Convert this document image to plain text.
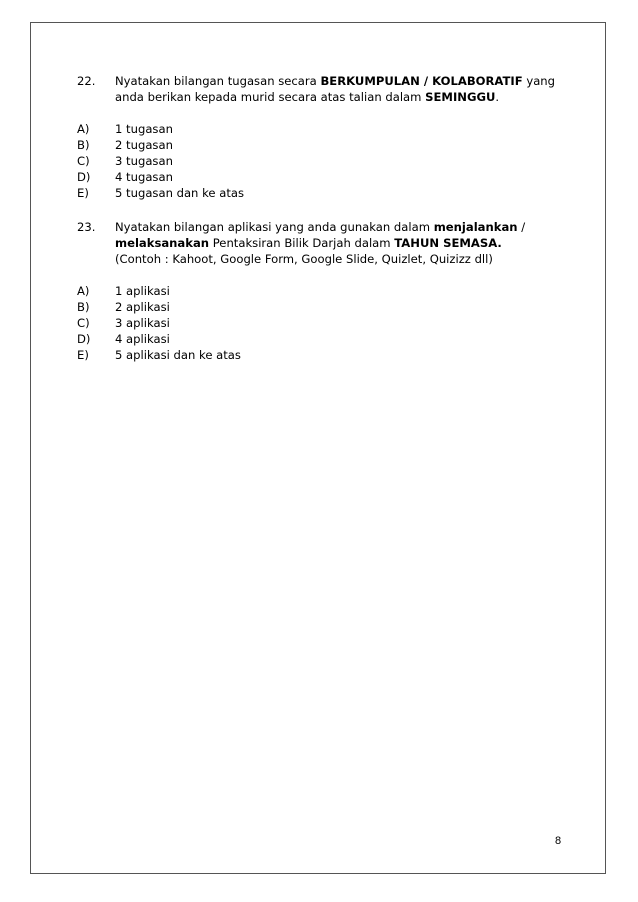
22.	Nyatakan bilangan tugasan secara BERKUMPULAN / KOLABORATIF yang anda berikan kepada murid secara atas talian dalam SEMINGGU.
A)	1 tugasan
B)	2 tugasan
C)	3 tugasan
D)	4 tugasan
E)	5 tugasan dan ke atas
23.	Nyatakan bilangan aplikasi yang anda gunakan dalam menjalankan / melaksanakan Pentaksiran Bilik Darjah dalam TAHUN SEMASA.
(Contoh : Kahoot, Google Form, Google Slide, Quizlet, Quizizz dll)
A)	1 aplikasi
B)	2 aplikasi
C)	3 aplikasi
D)	4 aplikasi
E)	5 aplikasi dan ke atas
8
